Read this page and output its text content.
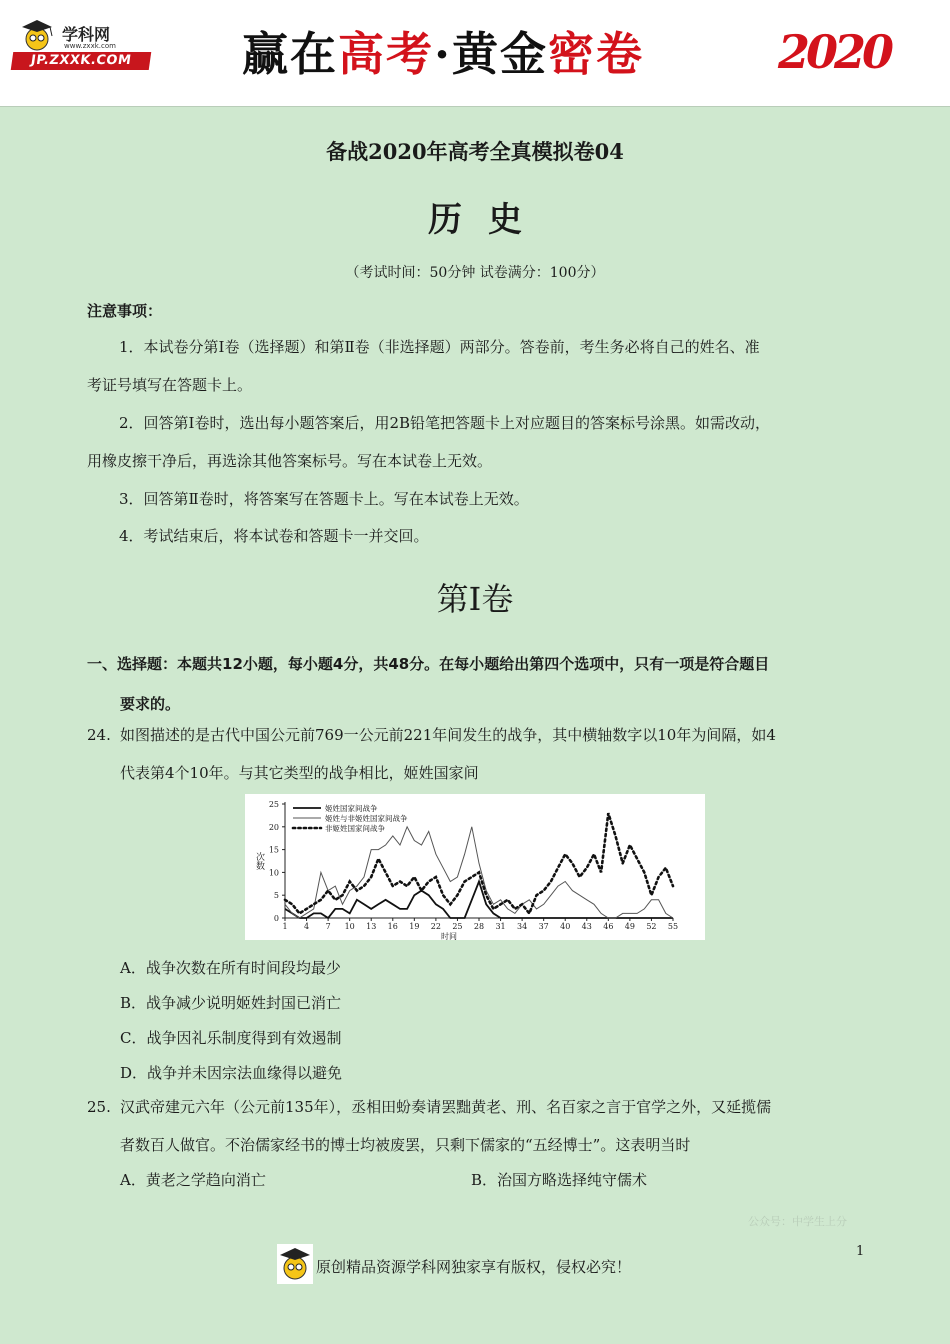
学科网
www.zxxk.com
JP.ZXXK.COM	赢在高考·黄金密卷	2020
备战2020年高考全真模拟卷04
历史
（考试时间：50分钟 试卷满分：100分）
注意事项：
1．本试卷分第Ⅰ卷（选择题）和第Ⅱ卷（非选择题）两部分。答卷前，考生务必将自己的姓名、准
考证号填写在答题卡上。
2．回答第Ⅰ卷时，选出每小题答案后，用2B铅笔把答题卡上对应题目的答案标号涂黑。如需改动，
用橡皮擦干净后，再选涂其他答案标号。写在本试卷上无效。
3．回答第Ⅱ卷时，将答案写在答题卡上。写在本试卷上无效。
4．考试结束后，将本试卷和答题卡一并交回。
第Ⅰ卷
一、选择题：本题共12小题，每小题4分，共48分。在每小题给出第四个选项中，只有一项是符合题目
要求的。
24. 如图描述的是古代中国公元前769一公元前221年间发生的战争，其中横轴数字以10年为间隔，如4
代表第4个10年。与其它类型的战争相比，姬姓国家间
0
5
10
15
20
25
1 4 7 10 13 16 19 22 25 28 31 34 37 40 43 46 49 52 55
时间
次数
姬姓国家间战争
姬姓与非姬姓国家间战争
非姬姓国家间战争
A．战争次数在所有时间段均最少
B．战争减少说明姬姓封国已消亡
C．战争因礼乐制度得到有效遏制
D．战争并未因宗法血缘得以避免
25. 汉武帝建元六年（公元前135年），丞相田蚡奏请罢黜黄老、刑、名百家之言于官学之外，又延揽儒
者数百人做官。不治儒家经书的博士均被废罢，只剩下儒家的“五经博士”。这表明当时
A．黄老之学趋向消亡	B．治国方略选择纯守儒术
公众号：中学生上分
原创精品资源学科网独家享有版权，侵权必究！
1
